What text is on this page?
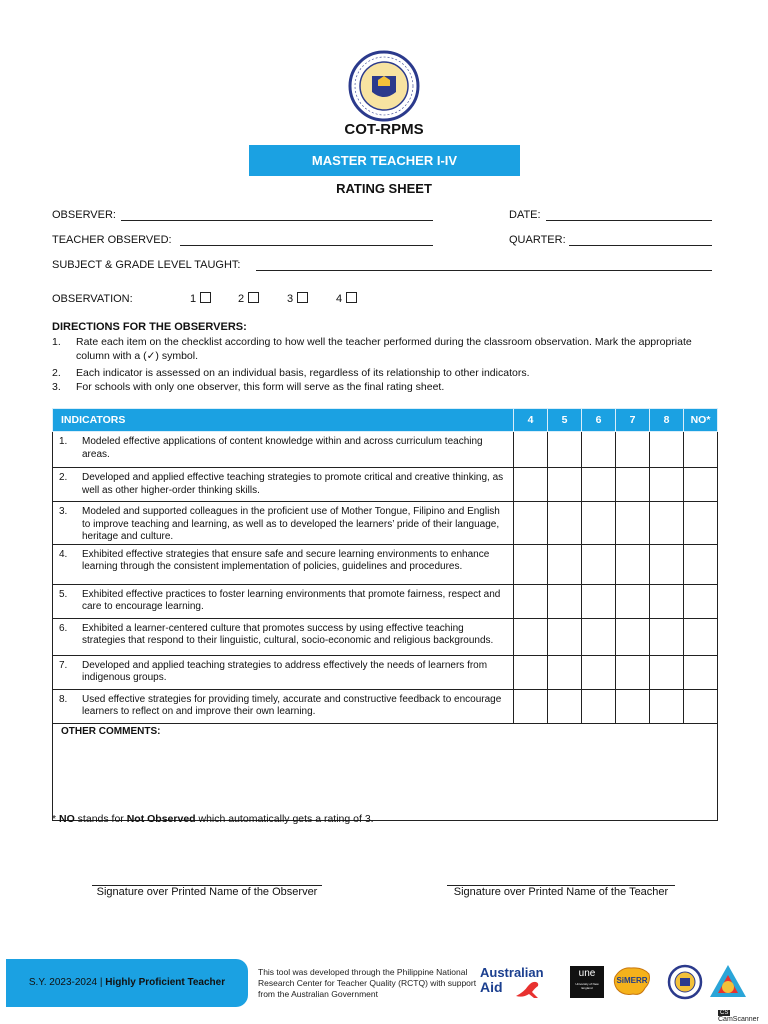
COT-RPMS
MASTER TEACHER I-IV
RATING SHEET
OBSERVER:	DATE:
TEACHER OBSERVED:	QUARTER:
SUBJECT & GRADE LEVEL TAUGHT:
OBSERVATION:	1	2	3	4
DIRECTIONS FOR THE OBSERVERS:
1. Rate each item on the checklist according to how well the teacher performed during the classroom observation. Mark the appropriate column with a (✓) symbol.
2. Each indicator is assessed on an individual basis, regardless of its relationship to other indicators.
3. For schools with only one observer, this form will serve as the final rating sheet.
INDICATORS	4	5	6	7	8	NO*

1. Modeled effective applications of content knowledge within and across curriculum teaching areas.						

2. Developed and applied effective teaching strategies to promote critical and creative thinking, as well as other higher-order thinking skills.						

3. Modeled and supported colleagues in the proficient use of Mother Tongue, Filipino and English to improve teaching and learning, as well as to developed the learners’ pride of their language, heritage and culture.						

4. Exhibited effective strategies that ensure safe and secure learning environments to enhance learning through the consistent implementation of policies, guidelines and procedures.						

5. Exhibited effective practices to foster learning environments that promote fairness, respect and care to encourage learning.						

6. Exhibited a learner-centered culture that promotes success by using effective teaching strategies that respond to their linguistic, cultural, socio-economic and religious backgrounds.						

7. Developed and applied teaching strategies to address effectively the needs of learners from indigenous groups.						

8. Used effective strategies for providing timely, accurate and constructive feedback to encourage learners to reflect on and improve their own learning.						

OTHER COMMENTS:						
* NO stands for Not Observed which automatically gets a rating of 3.
Signature over Printed Name of the Observer	Signature over Printed Name of the Teacher
S.Y. 2023-2024 | Highly Proficient Teacher
This tool was developed through the Philippine National Research Center for Teacher Quality (RCTQ) with support from the Australian Government
Australian
Aid
une
University of New England
SiMERR
CSCamScanner
